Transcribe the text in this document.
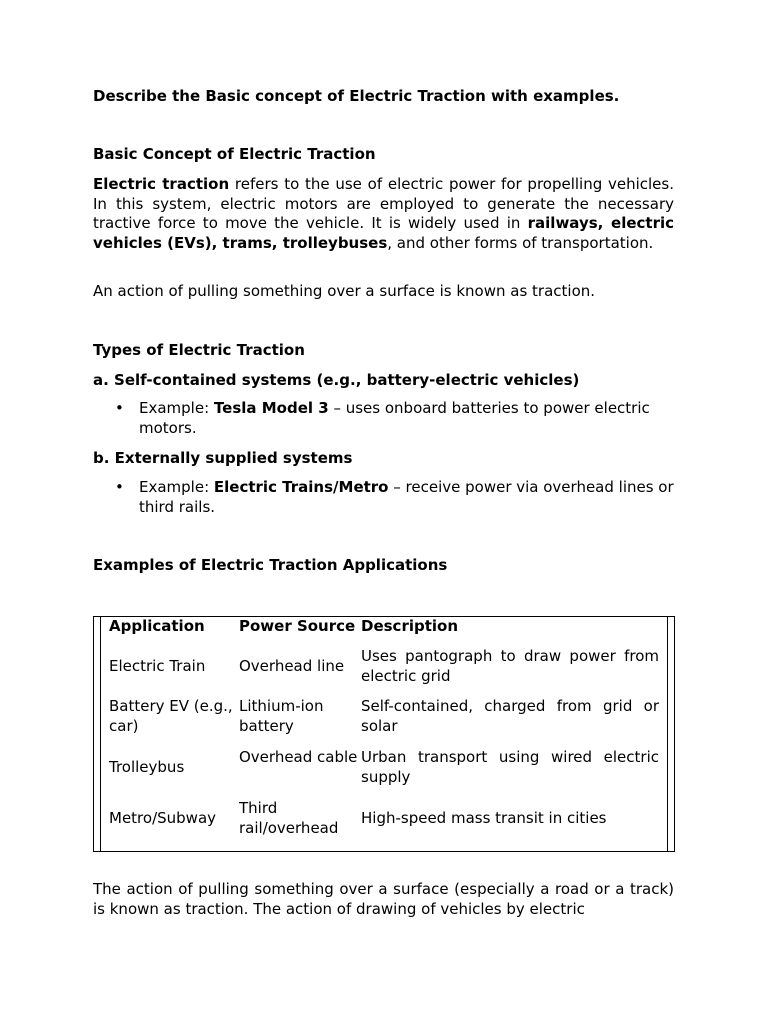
Describe the Basic concept of Electric Traction with examples.
Basic Concept of Electric Traction
Electric traction refers to the use of electric power for propelling vehicles. In this system, electric motors are employed to generate the necessary tractive force to move the vehicle. It is widely used in railways, electric vehicles (EVs), trams, trolleybuses, and other forms of transportation.
An action of pulling something over a surface is known as traction.
Types of Electric Traction
a. Self-contained systems (e.g., battery-electric vehicles)
• Example: Tesla Model 3 – uses onboard batteries to power electric motors.
b. Externally supplied systems
• Example: Electric Trains/Metro – receive power via overhead lines or third rails.
Examples of Electric Traction Applications
Application	Power Source Description
Electric Train	Overhead line
Uses pantograph to draw power from electric grid
Battery EV (e.g., car)
Lithium-ion battery
Self-contained, charged from grid or solar
Trolleybus
Overhead cable Urban transport using wired electric supply
Metro/Subway
Third rail/overhead
High-speed mass transit in cities
The action of pulling something over a surface (especially a road or a track) is known as traction. The action of drawing of vehicles by electric
